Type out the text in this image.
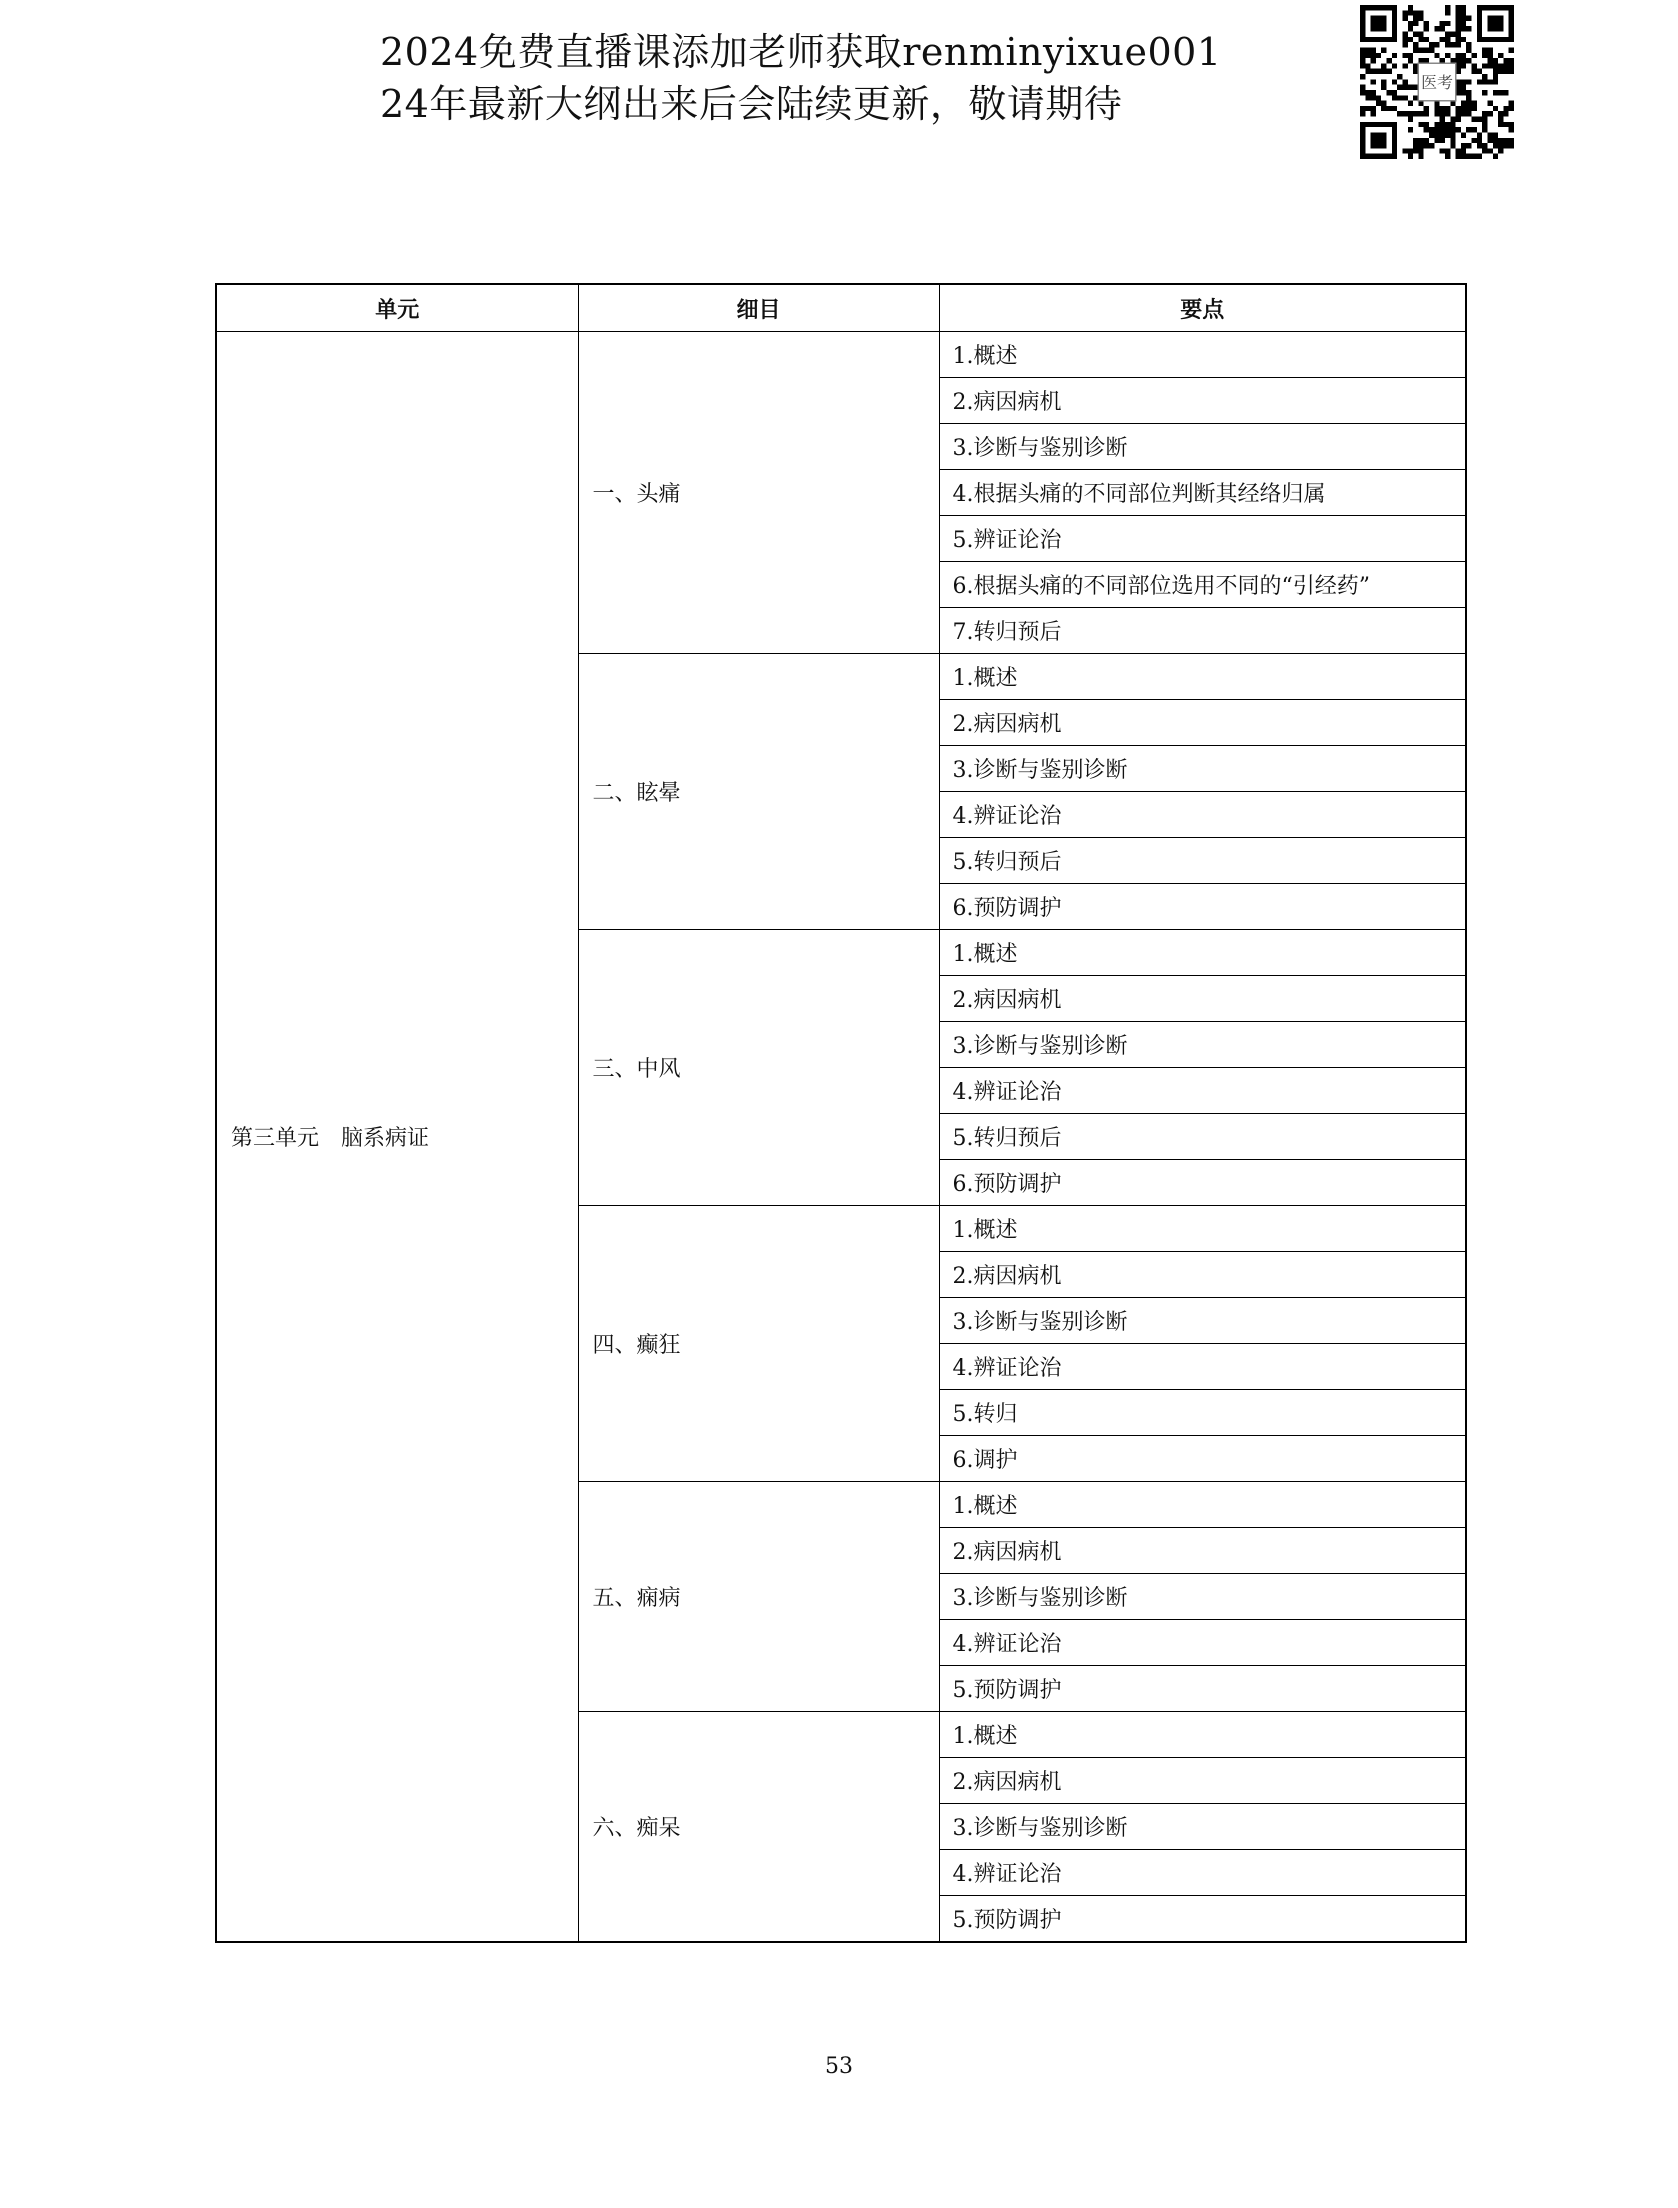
2024免费直播课添加老师获取renminyixue001
24年最新大纲出来后会陆续更新，敬请期待	医考
单元	细目	要点
第三单元　脑系病证	一、头痛	1.概述
		2.病因病机
		3.诊断与鉴别诊断
		4.根据头痛的不同部位判断其经络归属
		5.辨证论治
		6.根据头痛的不同部位选用不同的“引经药”
		7.转归预后
	二、眩晕	1.概述
		2.病因病机
		3.诊断与鉴别诊断
		4.辨证论治
		5.转归预后
		6.预防调护
	三、中风	1.概述
		2.病因病机
		3.诊断与鉴别诊断
		4.辨证论治
		5.转归预后
		6.预防调护
	四、癫狂	1.概述
		2.病因病机
		3.诊断与鉴别诊断
		4.辨证论治
		5.转归
		6.调护
	五、痫病	1.概述
		2.病因病机
		3.诊断与鉴别诊断
		4.辨证论治
		5.预防调护
	六、痴呆	1.概述
		2.病因病机
		3.诊断与鉴别诊断
		4.辨证论治
		5.预防调护
53
